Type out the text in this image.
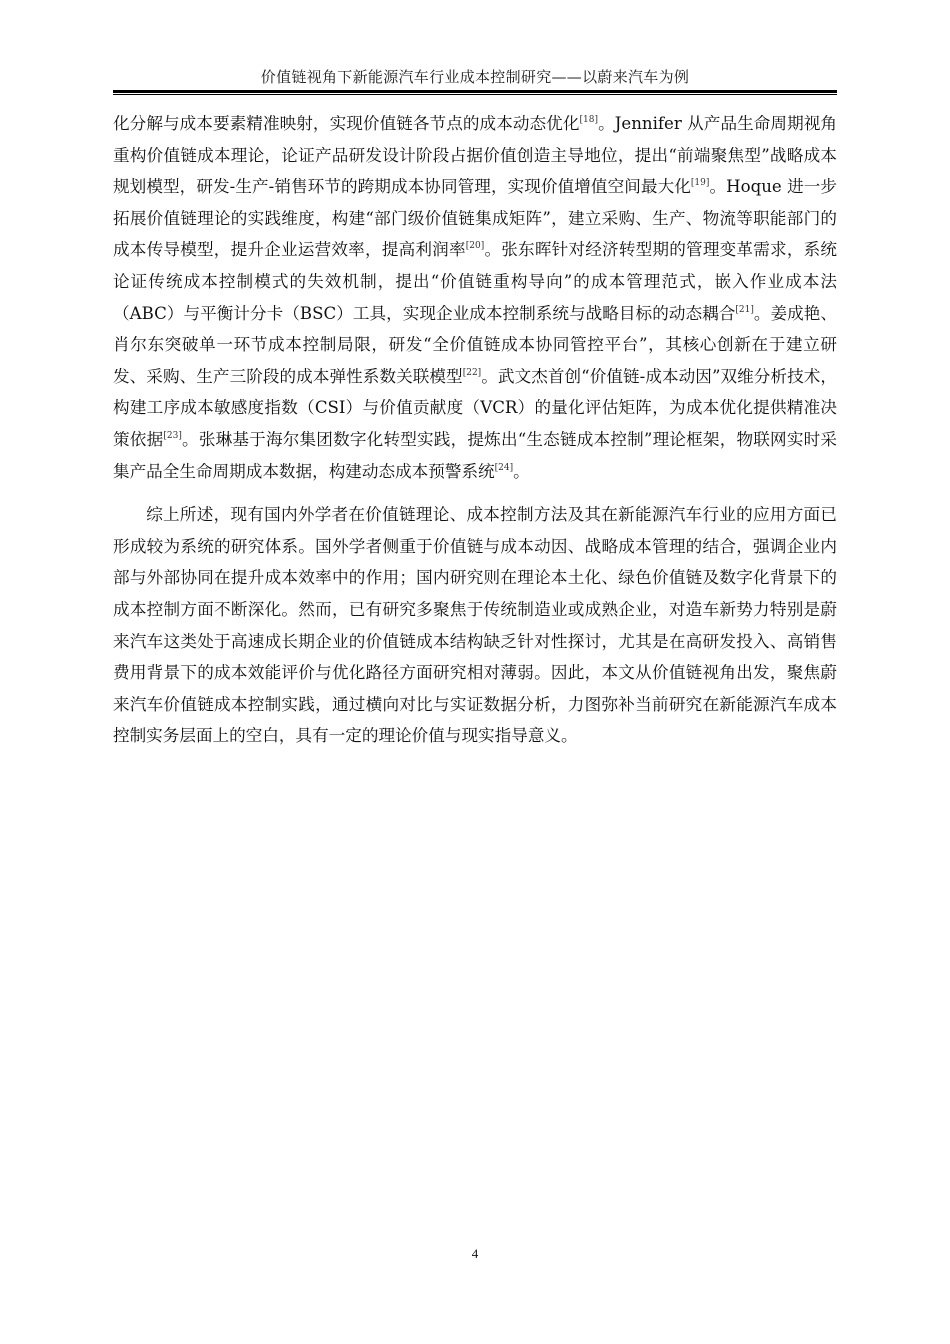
价值链视角下新能源汽车行业成本控制研究——以蔚来汽车为例

化分解与成本要素精准映射，实现价值链各节点的成本动态优化[18]。Jennifer 从产品生命周期视角重构价值链成本理论，论证产品研发设计阶段占据价值创造主导地位，提出“前端聚焦型”战略成本规划模型，研发-生产-销售环节的跨期成本协同管理，实现价值增值空间最大化[19]。Hoque 进一步拓展价值链理论的实践维度，构建“部门级价值链集成矩阵”，建立采购、生产、物流等职能部门的成本传导模型，提升企业运营效率，提高利润率[20]。张东晖针对经济转型期的管理变革需求，系统论证传统成本控制模式的失效机制，提出“价值链重构导向”的成本管理范式，嵌入作业成本法（ABC）与平衡计分卡（BSC）工具，实现企业成本控制系统与战略目标的动态耦合[21]。姜成艳、肖尔东突破单一环节成本控制局限，研发“全价值链成本协同管控平台”，其核心创新在于建立研发、采购、生产三阶段的成本弹性系数关联模型[22]。武文杰首创“价值链-成本动因”双维分析技术，构建工序成本敏感度指数（CSI）与价值贡献度（VCR）的量化评估矩阵，为成本优化提供精准决策依据[23]。张琳基于海尔集团数字化转型实践，提炼出“生态链成本控制”理论框架，物联网实时采集产品全生命周期成本数据，构建动态成本预警系统[24]。

综上所述，现有国内外学者在价值链理论、成本控制方法及其在新能源汽车行业的应用方面已形成较为系统的研究体系。国外学者侧重于价值链与成本动因、战略成本管理的结合，强调企业内部与外部协同在提升成本效率中的作用；国内研究则在理论本土化、绿色价值链及数字化背景下的成本控制方面不断深化。然而，已有研究多聚焦于传统制造业或成熟企业，对造车新势力特别是蔚来汽车这类处于高速成长期企业的价值链成本结构缺乏针对性探讨，尤其是在高研发投入、高销售费用背景下的成本效能评价与优化路径方面研究相对薄弱。因此，本文从价值链视角出发，聚焦蔚来汽车价值链成本控制实践，通过横向对比与实证数据分析，力图弥补当前研究在新能源汽车成本控制实务层面上的空白，具有一定的理论价值与现实指导意义。

4
